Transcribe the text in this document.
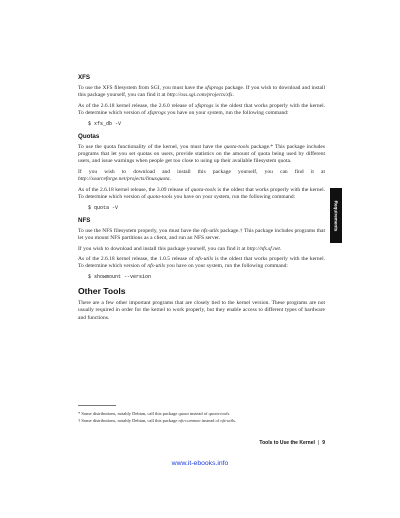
XFS

To use the XFS filesystem from SGI, you must have the xfsprogs package. If you wish to download and install this package yourself, you can find it at http://oss.sgi.com/projects/xfs.

As of the 2.6.18 kernel release, the 2.6.0 release of xfsprogs is the oldest that works properly with the kernel. To determine which version of xfsprogs you have on your system, run the following command:

$ xfs_db -V
Quotas

To use the quota functionality of the kernel, you must have the quota-tools package.* This package includes programs that let you set quotas on users, provide statistics on the amount of quota being used by different users, and issue warnings when people get too close to using up their available filesystem quota.

If you wish to download and install this package yourself, you can find it at http://sourceforge.net/projects/linuxquota.

As of the 2.6.18 kernel release, the 3.09 release of quota-tools is the oldest that works properly with the kernel. To determine which version of quota-tools you have on your system, run the following command:

$ quota -V
NFS

To use the NFS filesystem properly, you must have the nfs-utils package.† This package includes programs that let you mount NFS partitions as a client, and run an NFS server.

If you wish to download and install this package yourself, you can find it at http://nfs.sf.net.

As of the 2.6.18 kernel release, the 1.0.5 release of nfs-utils is the oldest that works properly with the kernel. To determine which version of nfs-utils you have on your system, run the following command:

$ showmount --version
Other Tools

There are a few other important programs that are closely tied to the kernel version. These programs are not usually required in order for the kernel to work properly, but they enable access to different types of hardware and functions.

Requirements

* Some distributions, notably Debian, call this package quota instead of quota-tools.

† Some distributions, notably Debian, call this package nfs-common instead of nfs-utils.

Tools to Use the Kernel | 9
www.it-ebooks.info
